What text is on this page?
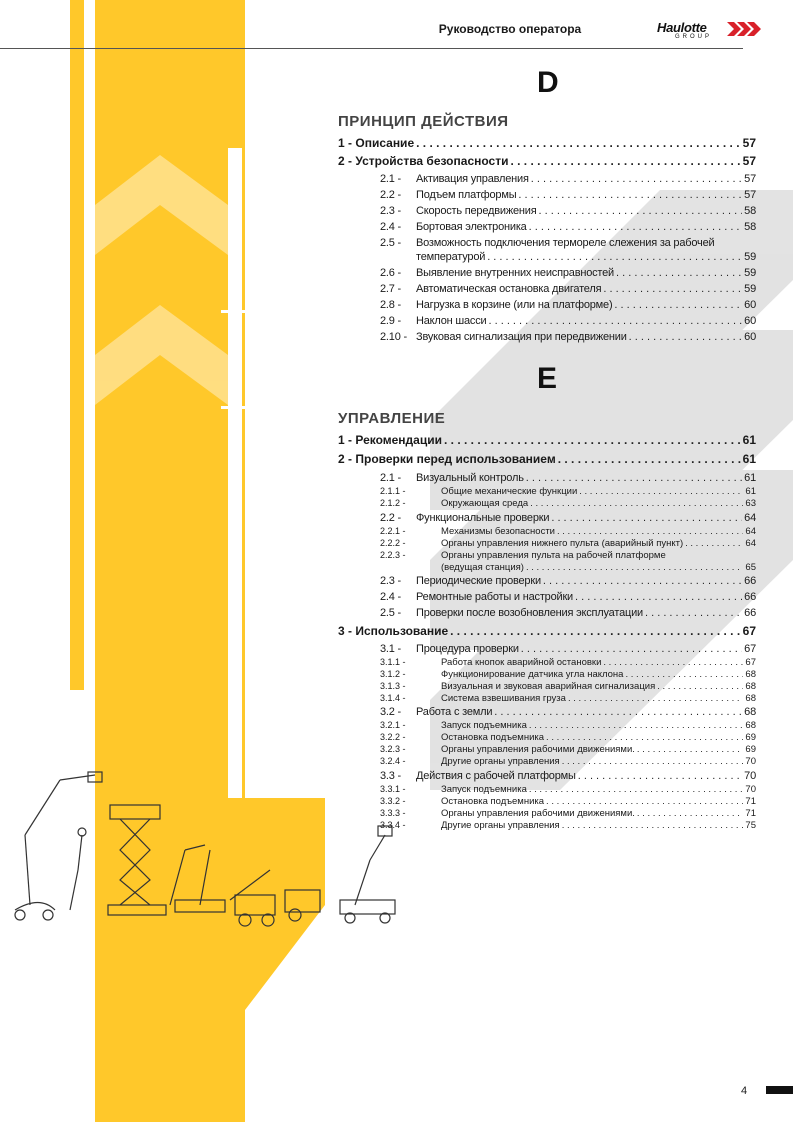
Руководство оператора	Haulotte
GROUP
D
ПРИНЦИП ДЕЙСТВИЯ
1 - Описание . . .	57
2 - Устройства безопасности . . .	57
2.1 -	Активация управления . . .	57
2.2 -	Подъем платформы . . .	57
2.3 -	Скорость передвижения . . .	58
2.4 -	Бортовая электроника . . .	58
2.5 -	Возможность подключения термореле слежения за рабочей
температурой . . .	59
2.6 -	Выявление внутренних неисправностей . . .	59
2.7 -	Автоматическая остановка двигателя . . .	59
2.8 -	Нагрузка в корзине (или на платформе) . . .	60
2.9 -	Наклон шасси . . .	60
2.10 - Звуковая сигнализация при передвижении . . .	60
E
УПРАВЛЕНИЕ
1 - Рекомендации . . .	61
2 - Проверки перед использованием . . .	61
2.1 -	Визуальный контроль . . .	61
2.1.1 -	Общие механические функции . . .	61
2.1.2 -	Окружающая среда . . .	63
2.2 -	Функциональные проверки . . .	64
2.2.1 -	Механизмы безопасности . . .	64
2.2.2 -	Органы управления нижнего пульта (аварийный пункт) . . .	64
2.2.3 -	Органы управления пульта на рабочей платформе
(ведущая станция) . . .	65
2.3 -	Периодические проверки . . .	66
2.4 -	Ремонтные работы и настройки . . .	66
2.5 -	Проверки после возобновления эксплуатации . . .	66
3 - Использование . . .	67
3.1 -	Процедура проверки . . .	67
3.1.1 -	Работа кнопок аварийной остановки . . .	67
3.1.2 -	Функционирование датчика угла наклона . . .	68
3.1.3 -	Визуальная и звуковая аварийная сигнализация . . .	68
3.1.4 -	Система взвешивания груза . . .	68
3.2 -	Работа с земли . . .	68
3.2.1 -	Запуск подъемника . . .	68
3.2.2 -	Остановка подъемника . . .	69
3.2.3 -	Органы управления рабочими движениями. . . .	69
3.2.4 -	Другие органы управления . . .	70
3.3 -	Действия с рабочей платформы . . .	70
3.3.1 -	Запуск подъемника . . .	70
3.3.2 -	Остановка подъемника . . .	71
3.3.3 -	Органы управления рабочими движениями. . . .	71
3.3.4 -	Другие органы управления . . .	75
4
